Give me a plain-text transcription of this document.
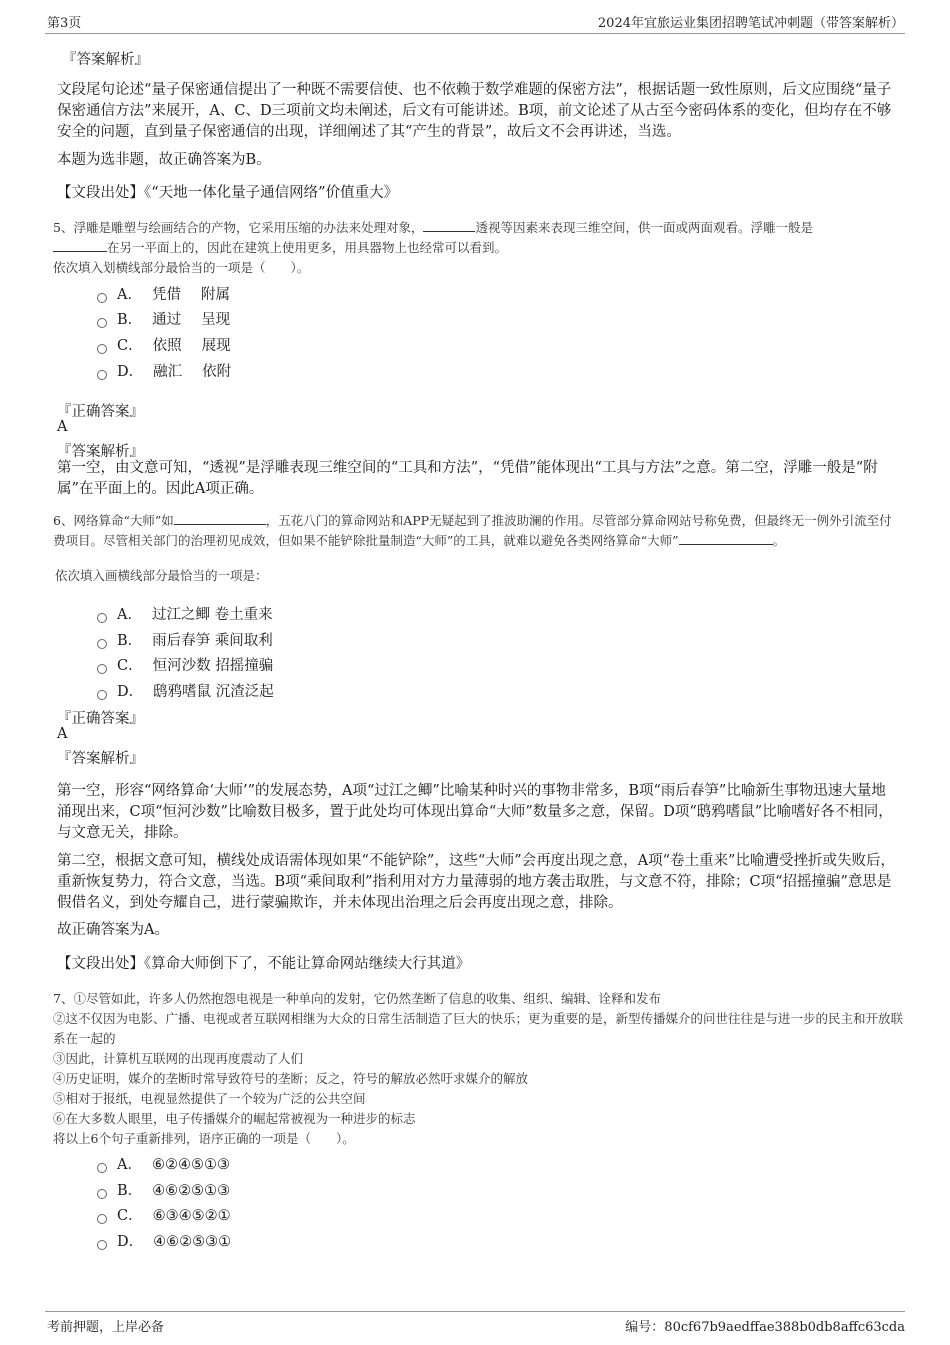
第3页	2024年宜旅运业集团招聘笔试冲刺题（带答案解析）
『答案解析』
文段尾句论述“量子保密通信提出了一种既不需要信使、也不依赖于数学难题的保密方法”，根据话题一致性原则，后文应围绕“量子保密通信方法”来展开，A、C、D三项前文均未阐述，后文有可能讲述。B项，前文论述了从古至今密码体系的变化，但均存在不够安全的问题，直到量子保密通信的出现，详细阐述了其“产生的背景”，故后文不会再讲述，当选。
本题为选非题，故正确答案为B。
【文段出处】《“天地一体化量子通信网络”价值重大》
5、浮雕是雕塑与绘画结合的产物，它采用压缩的办法来处理对象，	透视等因素来表现三维空间，供一面或两面观看。浮雕一般是
在另一平面上的，因此在建筑上使用更多，用具器物上也经常可以看到。
依次填入划横线部分最恰当的一项是（　　）。
A． 凭借 附属
B． 通过 呈现
C． 依照 展现
D． 融汇 依附
『正确答案』
A
『答案解析』
第一空，由文意可知，“透视”是浮雕表现三维空间的“工具和方法”，“凭借”能体现出“工具与方法”之意。第二空，浮雕一般是“附属”在平面上的。因此A项正确。
6、网络算命“大师”如	，五花八门的算命网站和APP无疑起到了推波助澜的作用。尽管部分算命网站号称免费，但最终无一例外引流至付费项目。尽管相关部门的治理初见成效，但如果不能铲除批量制造“大师”的工具，就难以避免各类网络算命“大师”	。
依次填入画横线部分最恰当的一项是：
A． 过江之鲫 卷土重来
B． 雨后春笋 乘间取利
C． 恒河沙数 招摇撞骗
D． 鸱鸦嗜鼠 沉渣泛起
『正确答案』
A
『答案解析』
第一空，形容“网络算命‘大师’”的发展态势，A项“过江之鲫”比喻某种时兴的事物非常多，B项“雨后春笋”比喻新生事物迅速大量地涌现出来，C项“恒河沙数”比喻数目极多，置于此处均可体现出算命“大师”数量多之意，保留。D项“鸱鸦嗜鼠”比喻嗜好各不相同，与文意无关，排除。
第二空，根据文意可知，横线处成语需体现如果“不能铲除”，这些“大师”会再度出现之意，A项“卷土重来”比喻遭受挫折或失败后，重新恢复势力，符合文意，当选。B项“乘间取利”指利用对方力量薄弱的地方袭击取胜，与文意不符，排除；C项“招摇撞骗”意思是假借名义，到处夸耀自己，进行蒙骗欺诈，并未体现出治理之后会再度出现之意，排除。
故正确答案为A。
【文段出处】《算命大师倒下了，不能让算命网站继续大行其道》
7、①尽管如此，许多人仍然抱怨电视是一种单向的发射，它仍然垄断了信息的收集、组织、编辑、诠释和发布
②这不仅因为电影、广播、电视或者互联网相继为大众的日常生活制造了巨大的快乐；更为重要的是，新型传播媒介的问世往往是与进一步的民主和开放联系在一起的
③因此，计算机互联网的出现再度震动了人们
④历史证明，媒介的垄断时常导致符号的垄断；反之，符号的解放必然吁求媒介的解放
⑤相对于报纸，电视显然提供了一个较为广泛的公共空间
⑥在大多数人眼里，电子传播媒介的崛起常被视为一种进步的标志
将以上6个句子重新排列，语序正确的一项是（　　）。
A． ⑥②④⑤①③
B． ④⑥②⑤①③
C． ⑥③④⑤②①
D． ④⑥②⑤③①
考前押题，上岸必备	编号：80cf67b9aedffae388b0db8affc63cda
